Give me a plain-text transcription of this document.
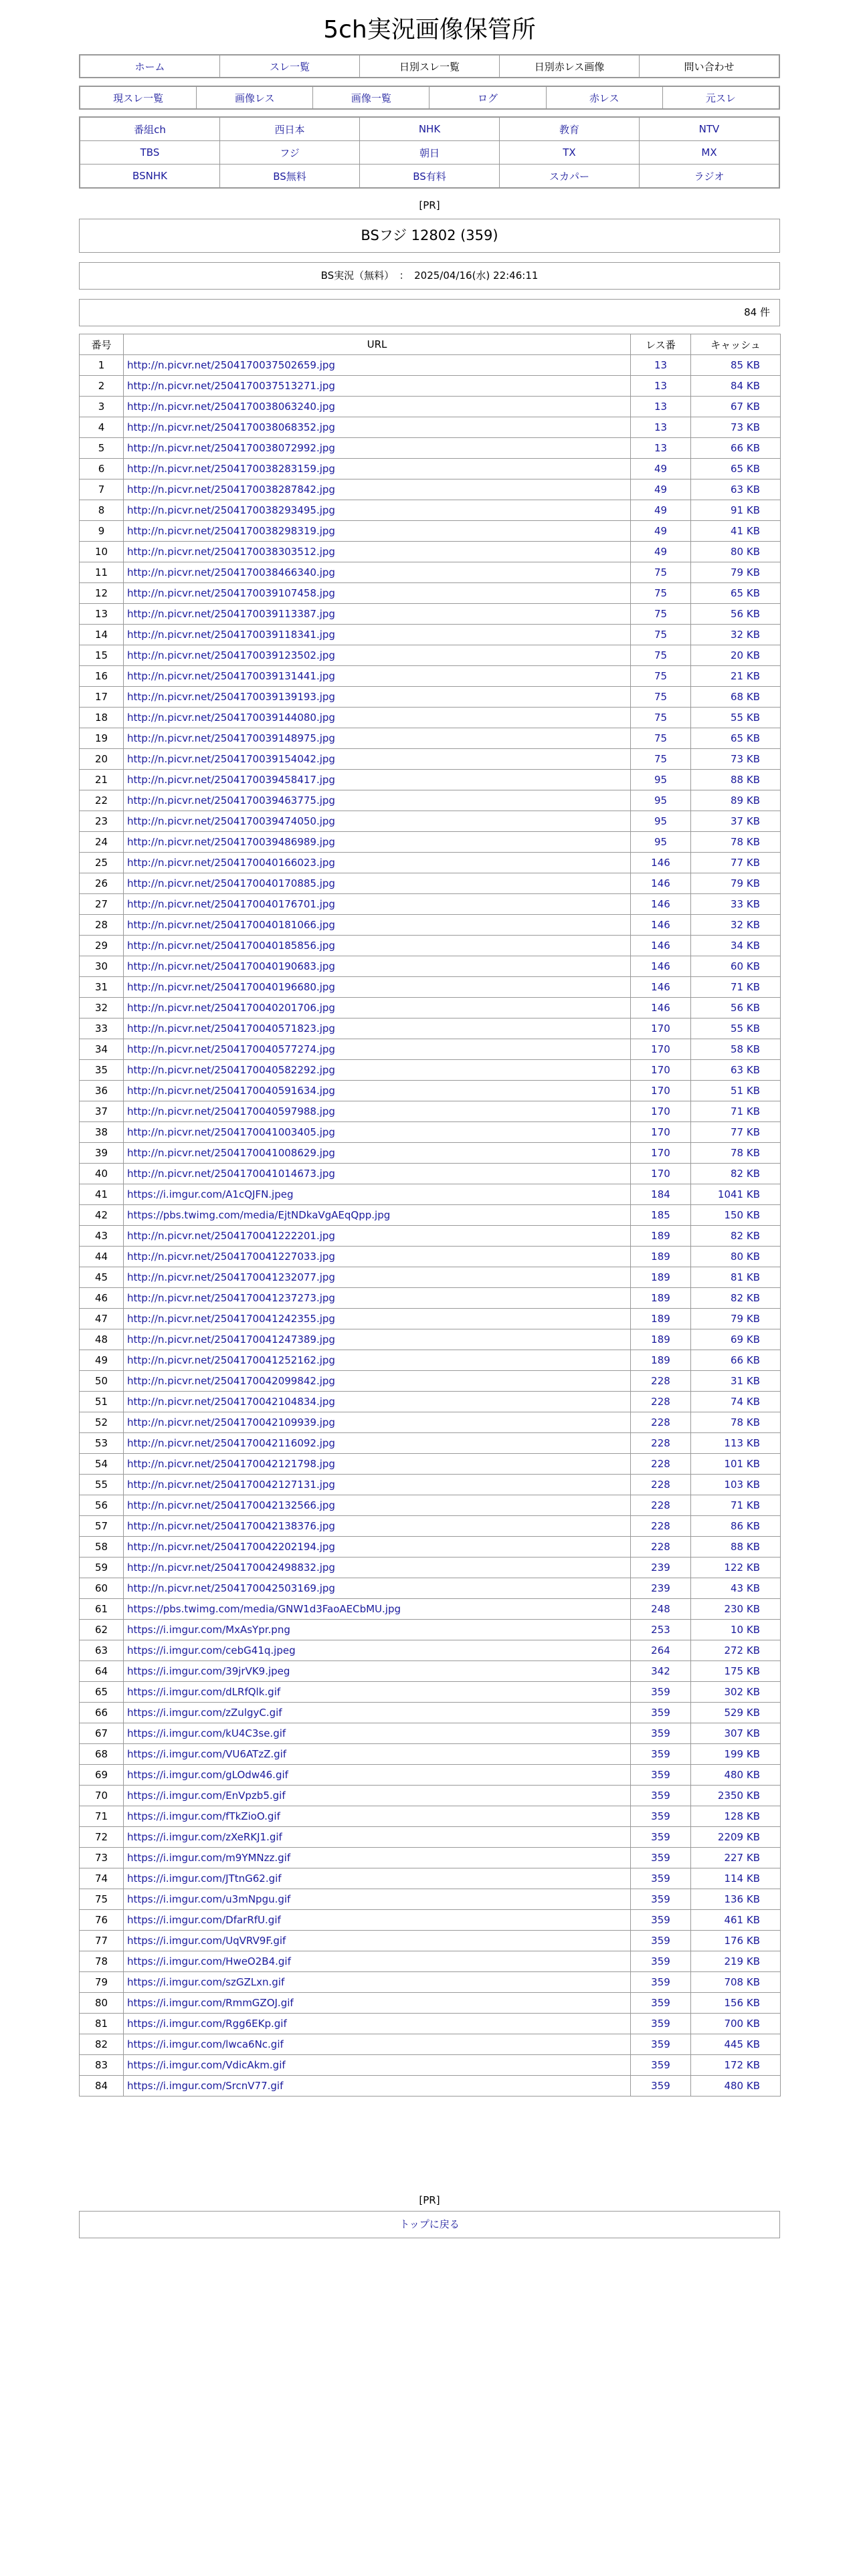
5ch実況画像保管所
ホーム	スレ一覧	日別スレ一覧	日別赤レス画像	問い合わせ
現スレ一覧	画像レス	画像一覧	ログ	赤レス	元スレ
番組ch	西日本	NHK	教育	NTV
TBS	フジ	朝日	TX	MX
BSNHK	BS無料	BS有料	スカパー	ラジオ
[PR]
BSフジ 12802 (359)
BS実況（無料）　：　2025/04/16(水) 22:46:11
84 件
番号	URL	レス番	キャッシュ
1	http://n.picvr.net/2504170037502659.jpg	13	85 KB
2	http://n.picvr.net/2504170037513271.jpg	13	84 KB
3	http://n.picvr.net/2504170038063240.jpg	13	67 KB
4	http://n.picvr.net/2504170038068352.jpg	13	73 KB
5	http://n.picvr.net/2504170038072992.jpg	13	66 KB
6	http://n.picvr.net/2504170038283159.jpg	49	65 KB
7	http://n.picvr.net/2504170038287842.jpg	49	63 KB
8	http://n.picvr.net/2504170038293495.jpg	49	91 KB
9	http://n.picvr.net/2504170038298319.jpg	49	41 KB
10	http://n.picvr.net/2504170038303512.jpg	49	80 KB
11	http://n.picvr.net/2504170038466340.jpg	75	79 KB
12	http://n.picvr.net/2504170039107458.jpg	75	65 KB
13	http://n.picvr.net/2504170039113387.jpg	75	56 KB
14	http://n.picvr.net/2504170039118341.jpg	75	32 KB
15	http://n.picvr.net/2504170039123502.jpg	75	20 KB
16	http://n.picvr.net/2504170039131441.jpg	75	21 KB
17	http://n.picvr.net/2504170039139193.jpg	75	68 KB
18	http://n.picvr.net/2504170039144080.jpg	75	55 KB
19	http://n.picvr.net/2504170039148975.jpg	75	65 KB
20	http://n.picvr.net/2504170039154042.jpg	75	73 KB
21	http://n.picvr.net/2504170039458417.jpg	95	88 KB
22	http://n.picvr.net/2504170039463775.jpg	95	89 KB
23	http://n.picvr.net/2504170039474050.jpg	95	37 KB
24	http://n.picvr.net/2504170039486989.jpg	95	78 KB
25	http://n.picvr.net/2504170040166023.jpg	146	77 KB
26	http://n.picvr.net/2504170040170885.jpg	146	79 KB
27	http://n.picvr.net/2504170040176701.jpg	146	33 KB
28	http://n.picvr.net/2504170040181066.jpg	146	32 KB
29	http://n.picvr.net/2504170040185856.jpg	146	34 KB
30	http://n.picvr.net/2504170040190683.jpg	146	60 KB
31	http://n.picvr.net/2504170040196680.jpg	146	71 KB
32	http://n.picvr.net/2504170040201706.jpg	146	56 KB
33	http://n.picvr.net/2504170040571823.jpg	170	55 KB
34	http://n.picvr.net/2504170040577274.jpg	170	58 KB
35	http://n.picvr.net/2504170040582292.jpg	170	63 KB
36	http://n.picvr.net/2504170040591634.jpg	170	51 KB
37	http://n.picvr.net/2504170040597988.jpg	170	71 KB
38	http://n.picvr.net/2504170041003405.jpg	170	77 KB
39	http://n.picvr.net/2504170041008629.jpg	170	78 KB
40	http://n.picvr.net/2504170041014673.jpg	170	82 KB
41	https://i.imgur.com/A1cQJFN.jpeg	184	1041 KB
42	https://pbs.twimg.com/media/EjtNDkaVgAEqQpp.jpg	185	150 KB
43	http://n.picvr.net/2504170041222201.jpg	189	82 KB
44	http://n.picvr.net/2504170041227033.jpg	189	80 KB
45	http://n.picvr.net/2504170041232077.jpg	189	81 KB
46	http://n.picvr.net/2504170041237273.jpg	189	82 KB
47	http://n.picvr.net/2504170041242355.jpg	189	79 KB
48	http://n.picvr.net/2504170041247389.jpg	189	69 KB
49	http://n.picvr.net/2504170041252162.jpg	189	66 KB
50	http://n.picvr.net/2504170042099842.jpg	228	31 KB
51	http://n.picvr.net/2504170042104834.jpg	228	74 KB
52	http://n.picvr.net/2504170042109939.jpg	228	78 KB
53	http://n.picvr.net/2504170042116092.jpg	228	113 KB
54	http://n.picvr.net/2504170042121798.jpg	228	101 KB
55	http://n.picvr.net/2504170042127131.jpg	228	103 KB
56	http://n.picvr.net/2504170042132566.jpg	228	71 KB
57	http://n.picvr.net/2504170042138376.jpg	228	86 KB
58	http://n.picvr.net/2504170042202194.jpg	228	88 KB
59	http://n.picvr.net/2504170042498832.jpg	239	122 KB
60	http://n.picvr.net/2504170042503169.jpg	239	43 KB
61	https://pbs.twimg.com/media/GNW1d3FaoAECbMU.jpg	248	230 KB
62	https://i.imgur.com/MxAsYpr.png	253	10 KB
63	https://i.imgur.com/cebG41q.jpeg	264	272 KB
64	https://i.imgur.com/39jrVK9.jpeg	342	175 KB
65	https://i.imgur.com/dLRfQlk.gif	359	302 KB
66	https://i.imgur.com/zZulgyC.gif	359	529 KB
67	https://i.imgur.com/kU4C3se.gif	359	307 KB
68	https://i.imgur.com/VU6ATzZ.gif	359	199 KB
69	https://i.imgur.com/gLOdw46.gif	359	480 KB
70	https://i.imgur.com/EnVpzb5.gif	359	2350 KB
71	https://i.imgur.com/fTkZioO.gif	359	128 KB
72	https://i.imgur.com/zXeRKJ1.gif	359	2209 KB
73	https://i.imgur.com/m9YMNzz.gif	359	227 KB
74	https://i.imgur.com/JTtnG62.gif	359	114 KB
75	https://i.imgur.com/u3mNpgu.gif	359	136 KB
76	https://i.imgur.com/DfarRfU.gif	359	461 KB
77	https://i.imgur.com/UqVRV9F.gif	359	176 KB
78	https://i.imgur.com/HweO2B4.gif	359	219 KB
79	https://i.imgur.com/szGZLxn.gif	359	708 KB
80	https://i.imgur.com/RmmGZOJ.gif	359	156 KB
81	https://i.imgur.com/Rgg6EKp.gif	359	700 KB
82	https://i.imgur.com/lwca6Nc.gif	359	445 KB
83	https://i.imgur.com/VdicAkm.gif	359	172 KB
84	https://i.imgur.com/SrcnV77.gif	359	480 KB
[PR]
トップに戻る
